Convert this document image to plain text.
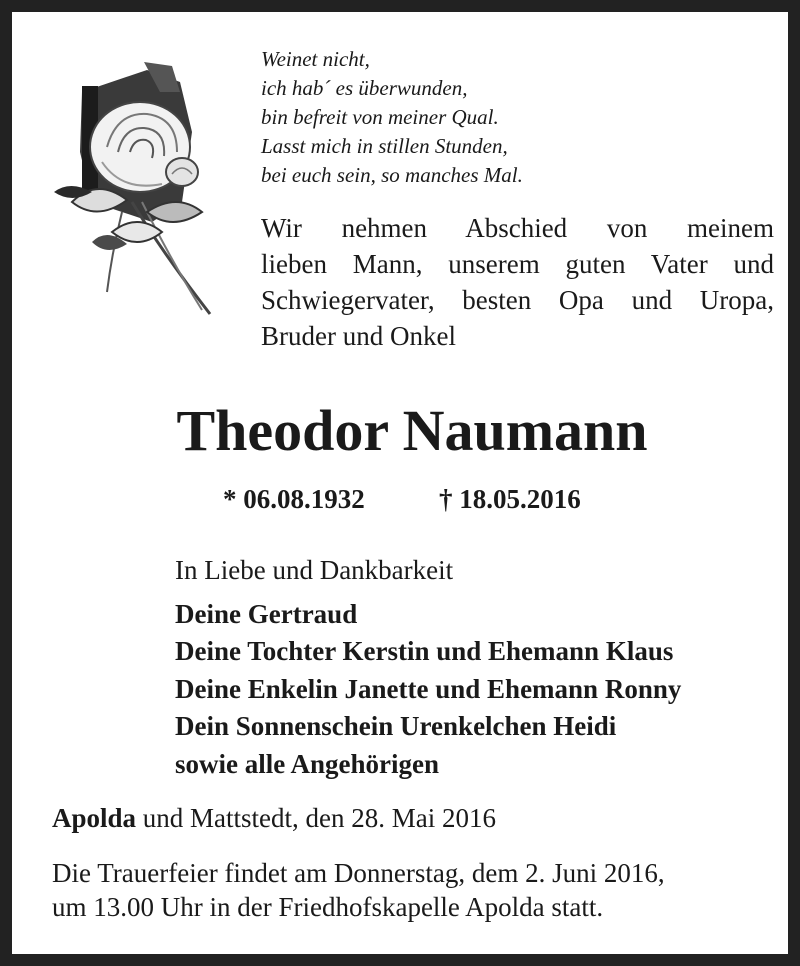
Weinet nicht,
ich hab´ es überwunden,
bin befreit von meiner Qual.
Lasst mich in stillen Stunden,
bei euch sein, so manches Mal.

Wir nehmen Abschied von meinem
lieben Mann, unserem guten Vater und
Schwiegervater, besten Opa und Uropa,
Bruder und Onkel

Theodor Naumann
* 06.08.1932	† 18.05.2016
In Liebe und Dankbarkeit
Deine Gertraud
Deine Tochter Kerstin und Ehemann Klaus
Deine Enkelin Janette und Ehemann Ronny
Dein Sonnenschein Urenkelchen Heidi
sowie alle Angehörigen
Apolda und Mattstedt, den 28. Mai 2016

Die Trauerfeier findet am Donnerstag, dem 2. Juni 2016,
um 13.00 Uhr in der Friedhofskapelle Apolda statt.
